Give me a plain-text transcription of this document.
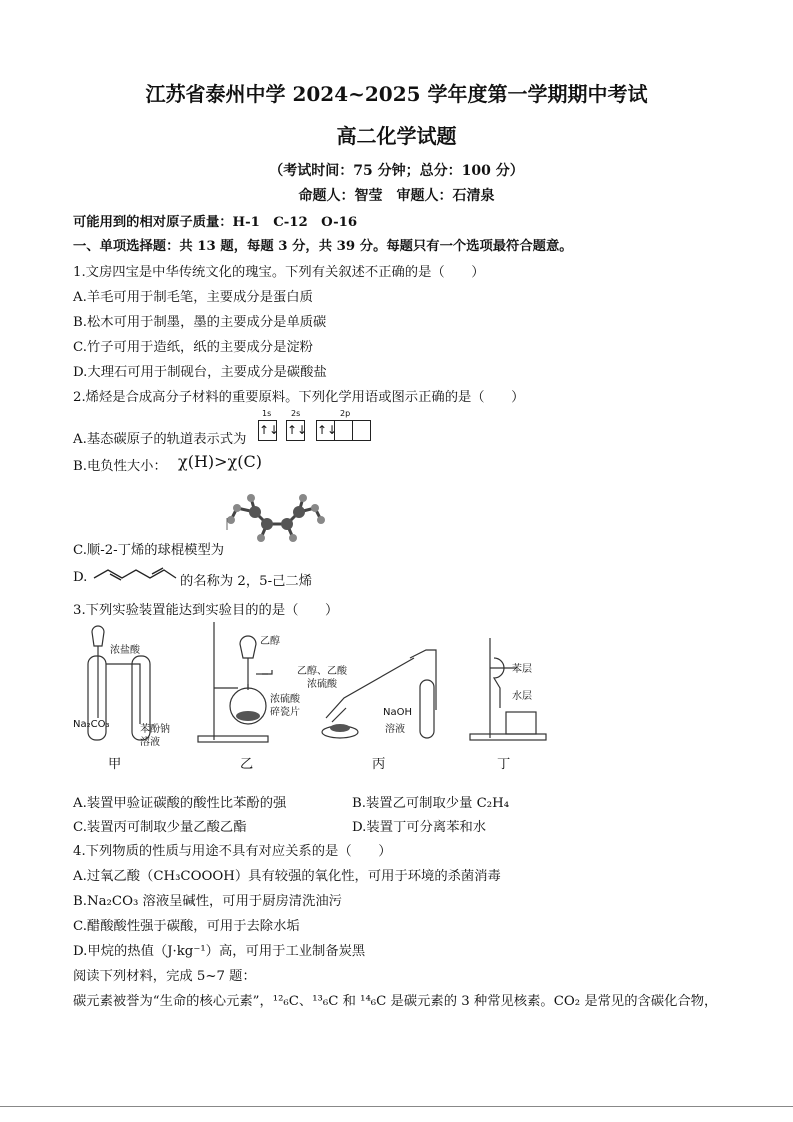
江苏省泰州中学 2024~2025 学年度第一学期期中考试
高二化学试题
（考试时间：75 分钟；总分：100 分）
命题人：智莹　审题人：石清泉
可能用到的相对原子质量：H-1　C-12　O-16
一、单项选择题：共 13 题，每题 3 分，共 39 分。每题只有一个选项最符合题意。
1.文房四宝是中华传统文化的瑰宝。下列有关叙述不正确的是（　　）
A.羊毛可用于制毛笔，主要成分是蛋白质
B.松木可用于制墨，墨的主要成分是单质碳
C.竹子可用于造纸，纸的主要成分是淀粉
D.大理石可用于制砚台，主要成分是碳酸盐
2.烯烃是合成高分子材料的重要原料。下列化学用语或图示正确的是（　　）
A.基态碳原子的轨道表示式为
1s 2s	2p
↑↓ ↑↓ ↑↓
B.电负性大小： χ(H)>χ(C)
C.顺-2-丁烯的球棍模型为
D.	的名称为 2，5-己二烯
3.下列实验装置能达到实验目的的是（　　）
浓盐酸
Na₂CO₃	苯酚钠
溶液
乙醇
浓硫酸
碎瓷片
乙醇、乙酸
浓硫酸
NaOH
溶液
苯层
水层
甲	乙	丙	丁
A.装置甲验证碳酸的酸性比苯酚的强	B.装置乙可制取少量 C₂H₄
C.装置丙可制取少量乙酸乙酯	D.装置丁可分离苯和水
4.下列物质的性质与用途不具有对应关系的是（　　）
A.过氧乙酸（CH₃COOOH）具有较强的氧化性，可用于环境的杀菌消毒
B.Na₂CO₃ 溶液呈碱性，可用于厨房清洗油污
C.醋酸酸性强于碳酸，可用于去除水垢
D.甲烷的热值（J·kg⁻¹）高，可用于工业制备炭黑
阅读下列材料，完成 5~7 题：
碳元素被誉为“生命的核心元素”，¹²₆C、¹³₆C 和 ¹⁴₆C 是碳元素的 3 种常见核素。CO₂ 是常见的含碳化合物，
